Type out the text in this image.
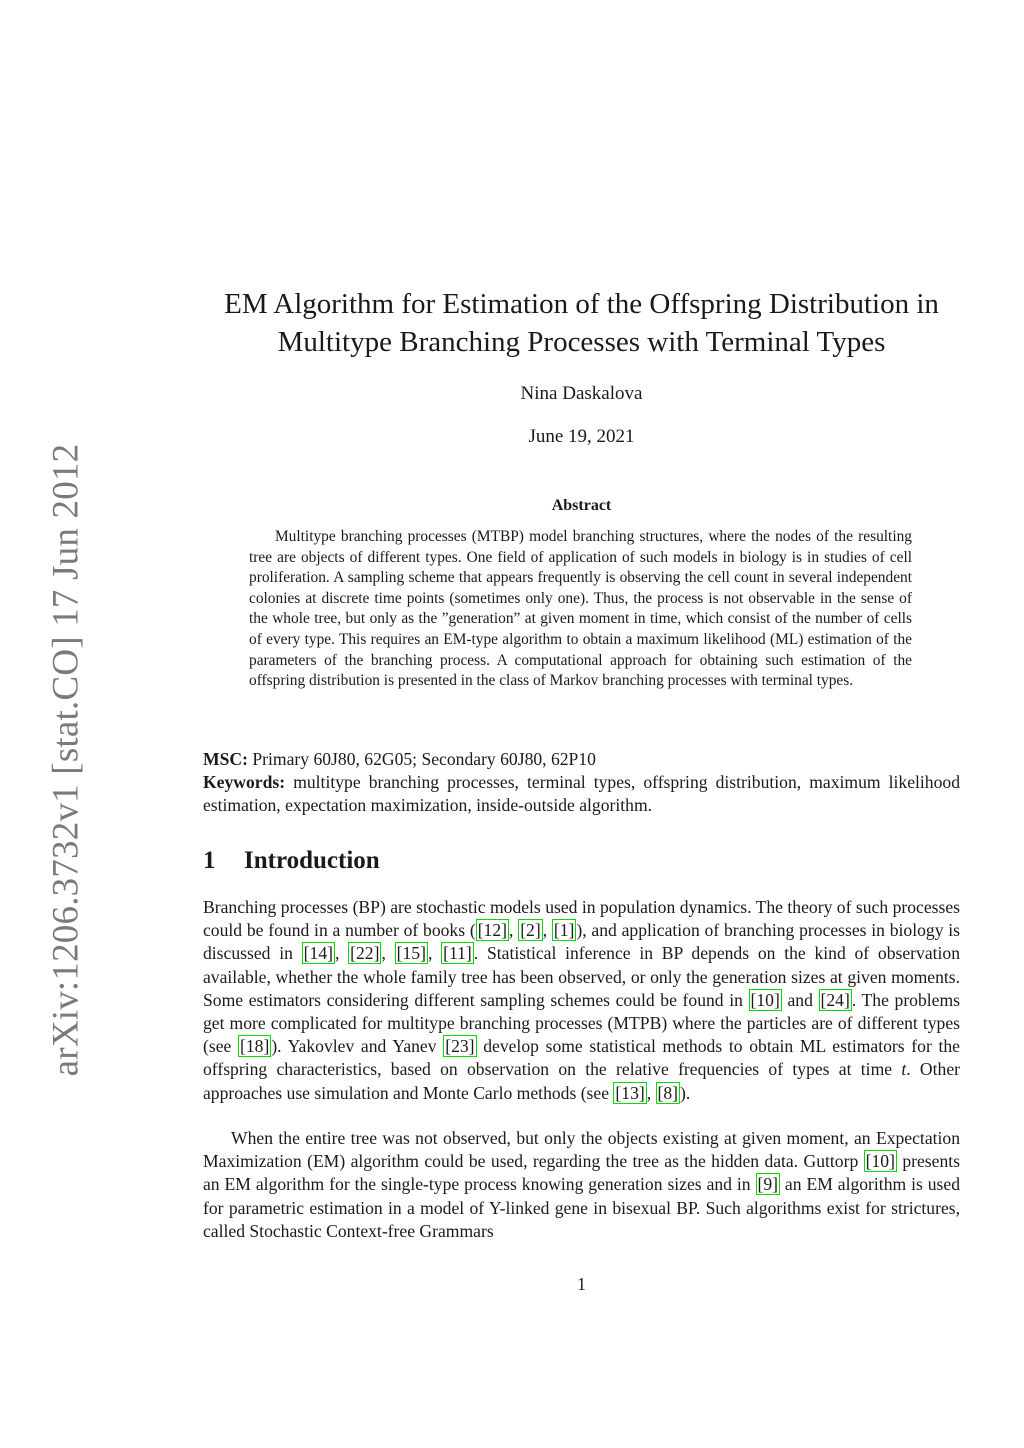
arXiv:1206.3732v1 [stat.CO] 17 Jun 2012
EM Algorithm for Estimation of the Offspring Distribution in
Multitype Branching Processes with Terminal Types
Nina Daskalova
June 19, 2021
Abstract

Multitype branching processes (MTBP) model branching structures, where the nodes of the resulting tree are objects of different types. One field of application of such models in biology is in studies of cell proliferation. A sampling scheme that appears frequently is observing the cell count in several independent colonies at discrete time points (sometimes only one). Thus, the process is not observable in the sense of the whole tree, but only as the ”generation” at given moment in time, which consist of the number of cells of every type. This requires an EM-type algorithm to obtain a maximum likelihood (ML) estimation of the parameters of the branching process. A computational approach for obtaining such estimation of the offspring distribution is presented in the class of Markov branching processes with terminal types.

MSC: Primary 60J80, 62G05; Secondary 60J80, 62P10

Keywords: multitype branching processes, terminal types, offspring distribution, maximum likelihood estimation, expectation maximization, inside-outside algorithm.

1 Introduction

Branching processes (BP) are stochastic models used in population dynamics. The theory of such processes could be found in a number of books ( [12] , [2] , [1] ), and application of branching processes in biology is discussed in [14] , [22] , [15] , [11] . Statistical inference in BP depends on the kind of observation available, whether the whole family tree has been observed, or only the generation sizes at given moments. Some estimators considering different sampling schemes could be found in [10] and [24] . The problems get more complicated for multitype branching processes (MTPB) where the particles are of different types (see [18] ). Yakovlev and Yanev [23] develop some statistical methods to obtain ML estimators for the offspring characteristics, based on observation on the relative frequencies of types at time t. Other approaches use simulation and Monte Carlo methods (see [13] , [8] ).

When the entire tree was not observed, but only the objects existing at given moment, an Expectation Maximization (EM) algorithm could be used, regarding the tree as the hidden data. Guttorp [10] presents an EM algorithm for the single-type process knowing generation sizes and in [9] an EM algorithm is used for parametric estimation in a model of Y-linked gene in bisexual BP. Such algorithms exist for strictures, called Stochastic Context-free Grammars

1
